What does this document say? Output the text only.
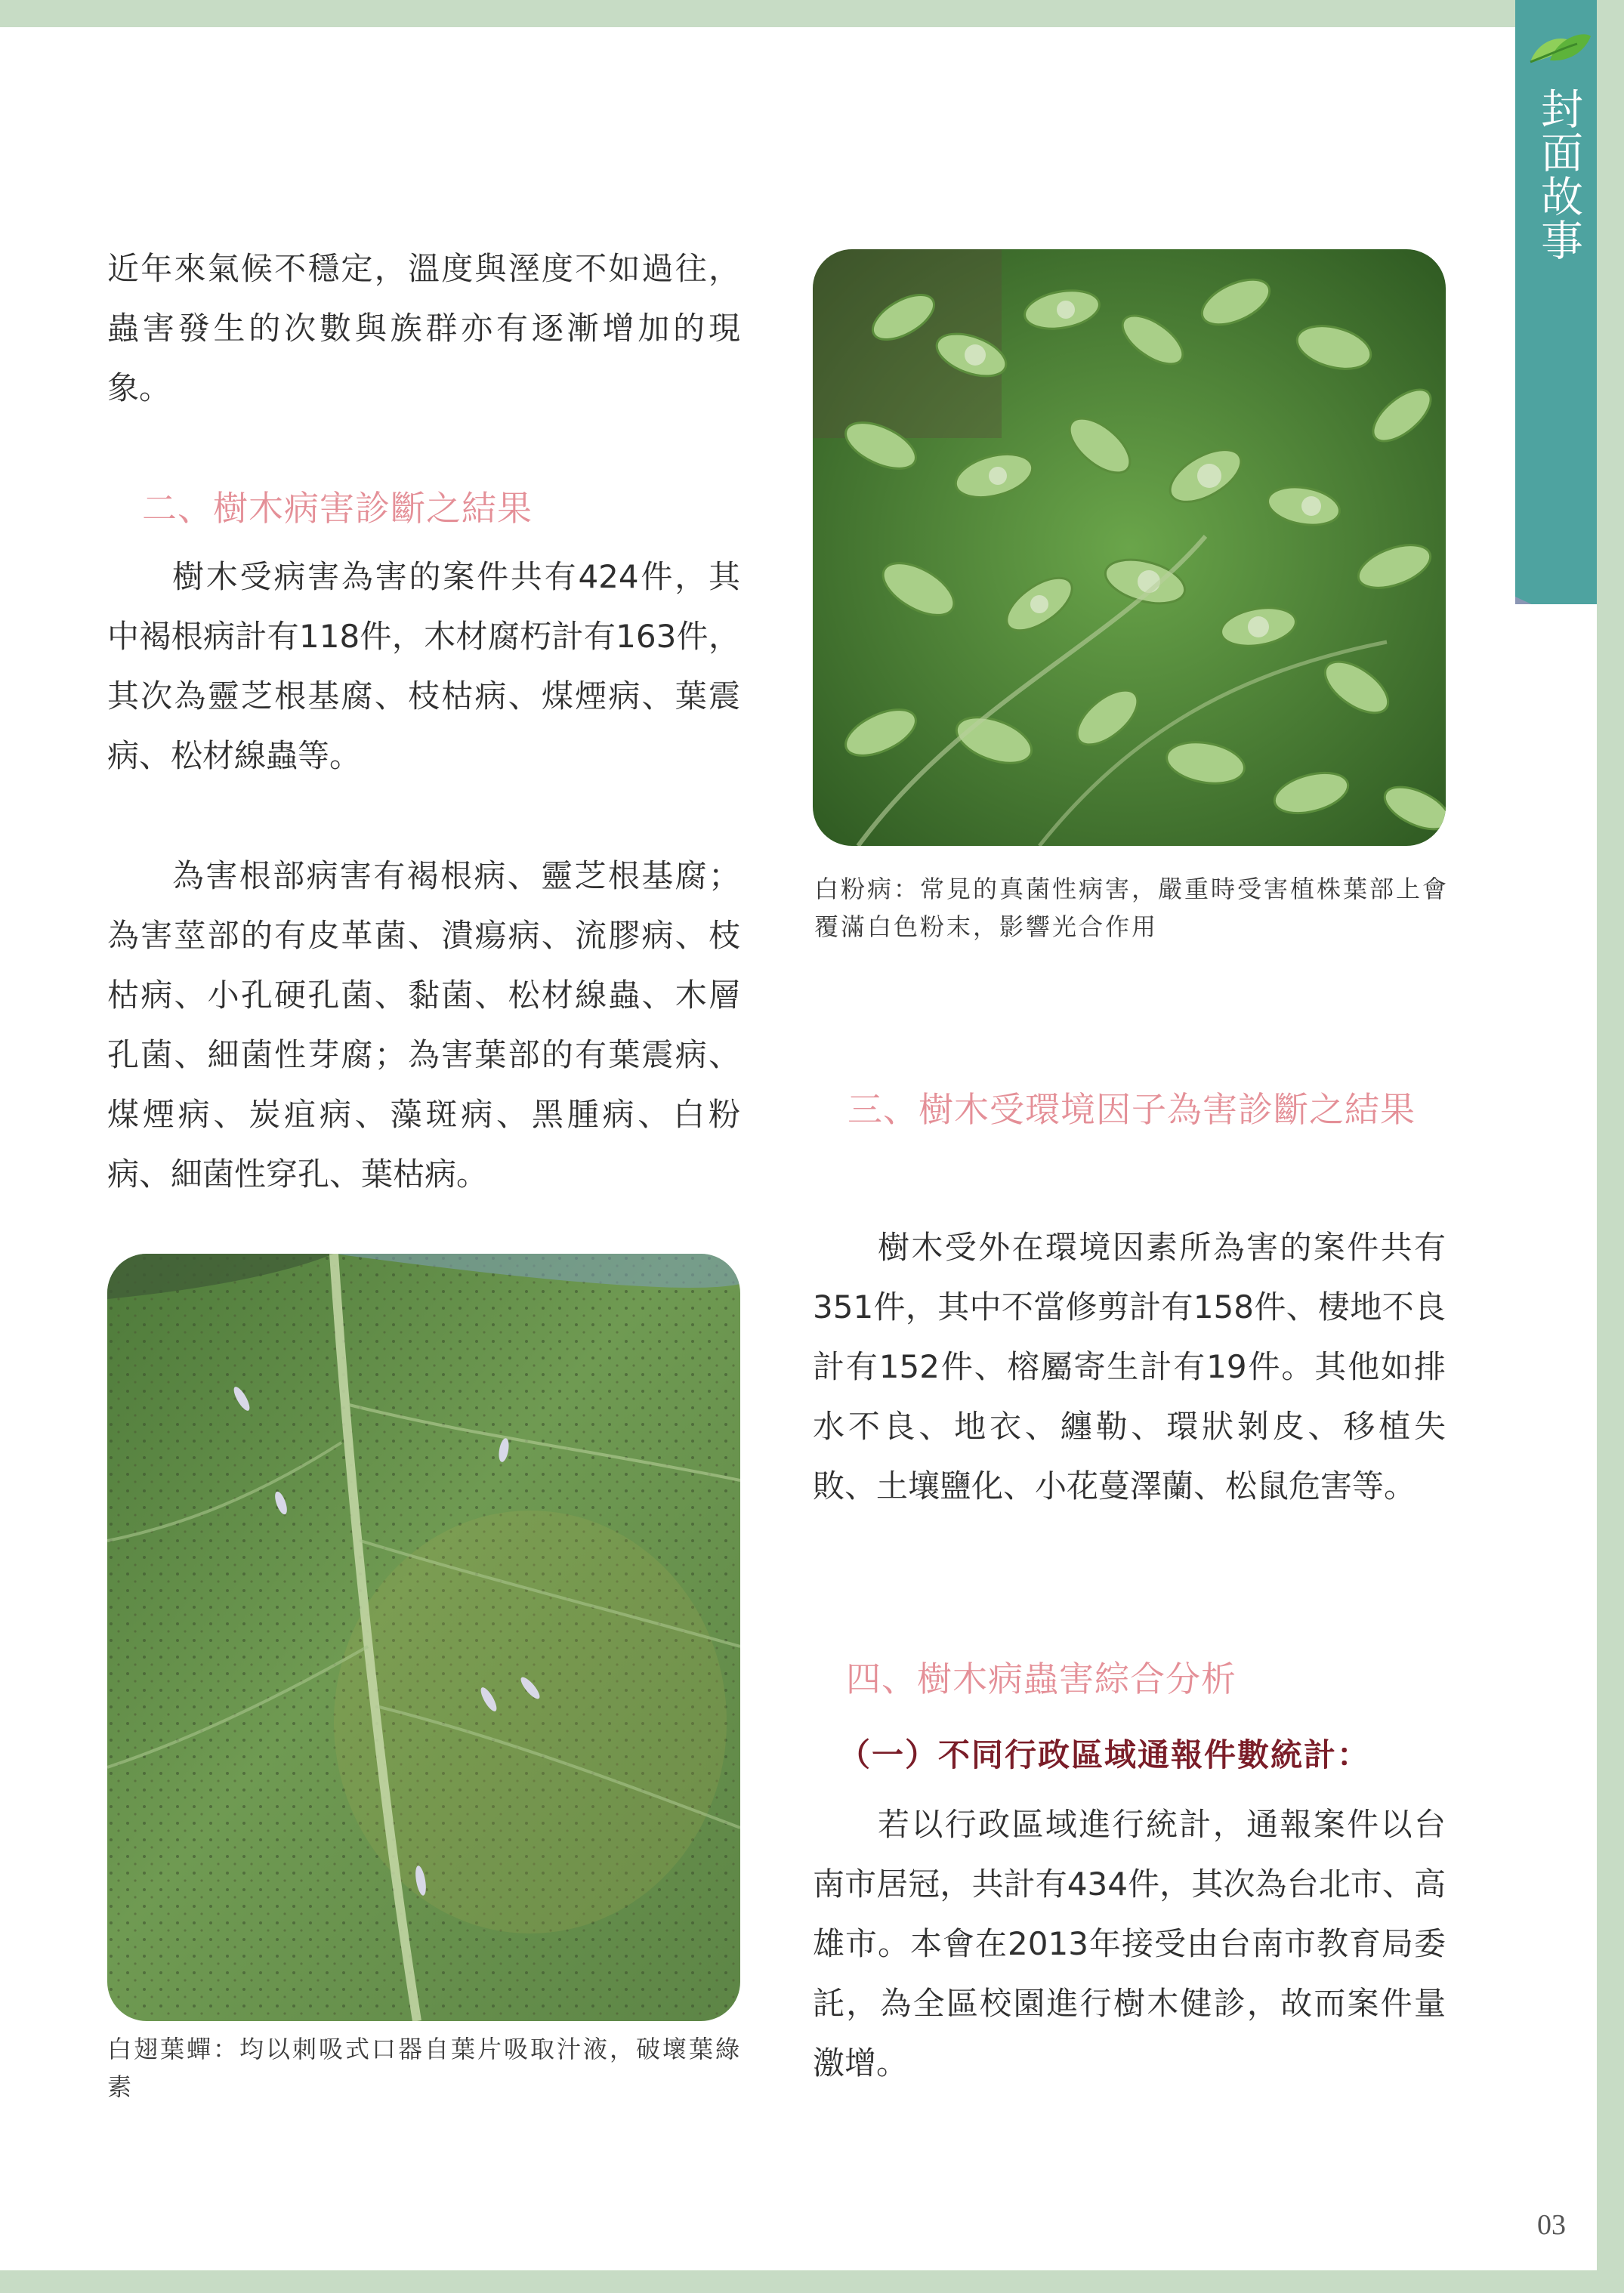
封面故事

近年來氣候不穩定，溫度與溼度不如過往，蟲害發生的次數與族群亦有逐漸增加的現象。

二、樹木病害診斷之結果

樹木受病害為害的案件共有424件，其中褐根病計有118件，木材腐朽計有163件，其次為靈芝根基腐、枝枯病、煤煙病、葉震病、松材線蟲等。

為害根部病害有褐根病、靈芝根基腐；為害莖部的有皮革菌、潰瘍病、流膠病、枝枯病、小孔硬孔菌、黏菌、松材線蟲、木層孔菌、細菌性芽腐；為害葉部的有葉震病、煤煙病、炭疽病、藻斑病、黑腫病、白粉病、細菌性穿孔、葉枯病。

白翅葉蟬：均以刺吸式口器自葉片吸取汁液，破壞葉綠素

白粉病：常見的真菌性病害，嚴重時受害植株葉部上會覆滿白色粉末，影響光合作用

三、樹木受環境因子為害診斷之結果

樹木受外在環境因素所為害的案件共有351件，其中不當修剪計有158件、棲地不良計有152件、榕屬寄生計有19件。其他如排水不良、地衣、纏勒、環狀剝皮、移植失敗、土壤鹽化、小花蔓澤蘭、松鼠危害等。

四、樹木病蟲害綜合分析
（一）不同行政區域通報件數統計：

若以行政區域進行統計，通報案件以台南市居冠，共計有434件，其次為台北市、高雄市。本會在2013年接受由台南市教育局委託，為全區校園進行樹木健診，故而案件量激增。

03
